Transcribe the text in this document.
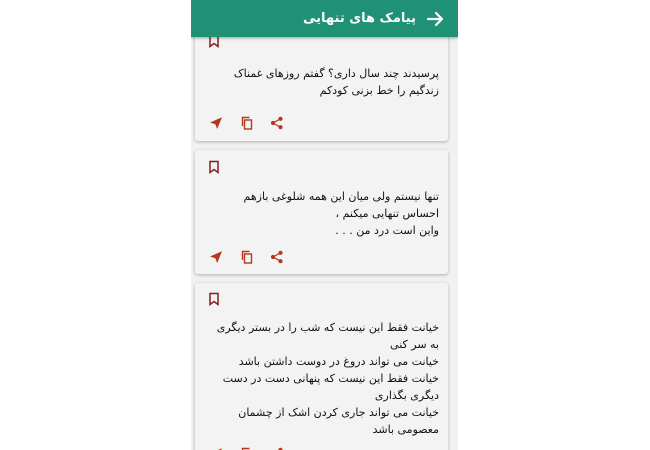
پرسیدند چند سال داری؟ گفتم روزهای غمناک زندگیم را خط بزنی کودکم
تنها نیستم ولی میان این همه شلوغی بازهم احساس تنهایی میکنم ،
واین است درد من . . .
خیانت فقط این نیست که شب را در بستر دیگری به سر کنی
خیانت می تواند دروغ در دوست داشتن باشد
خیانت فقط این نیست که پنهانی دست در دست دیگری بگذاری
خیانت می تواند جاری کردن اشک از چشمان معصومی باشد
پیامک های تنهایی
